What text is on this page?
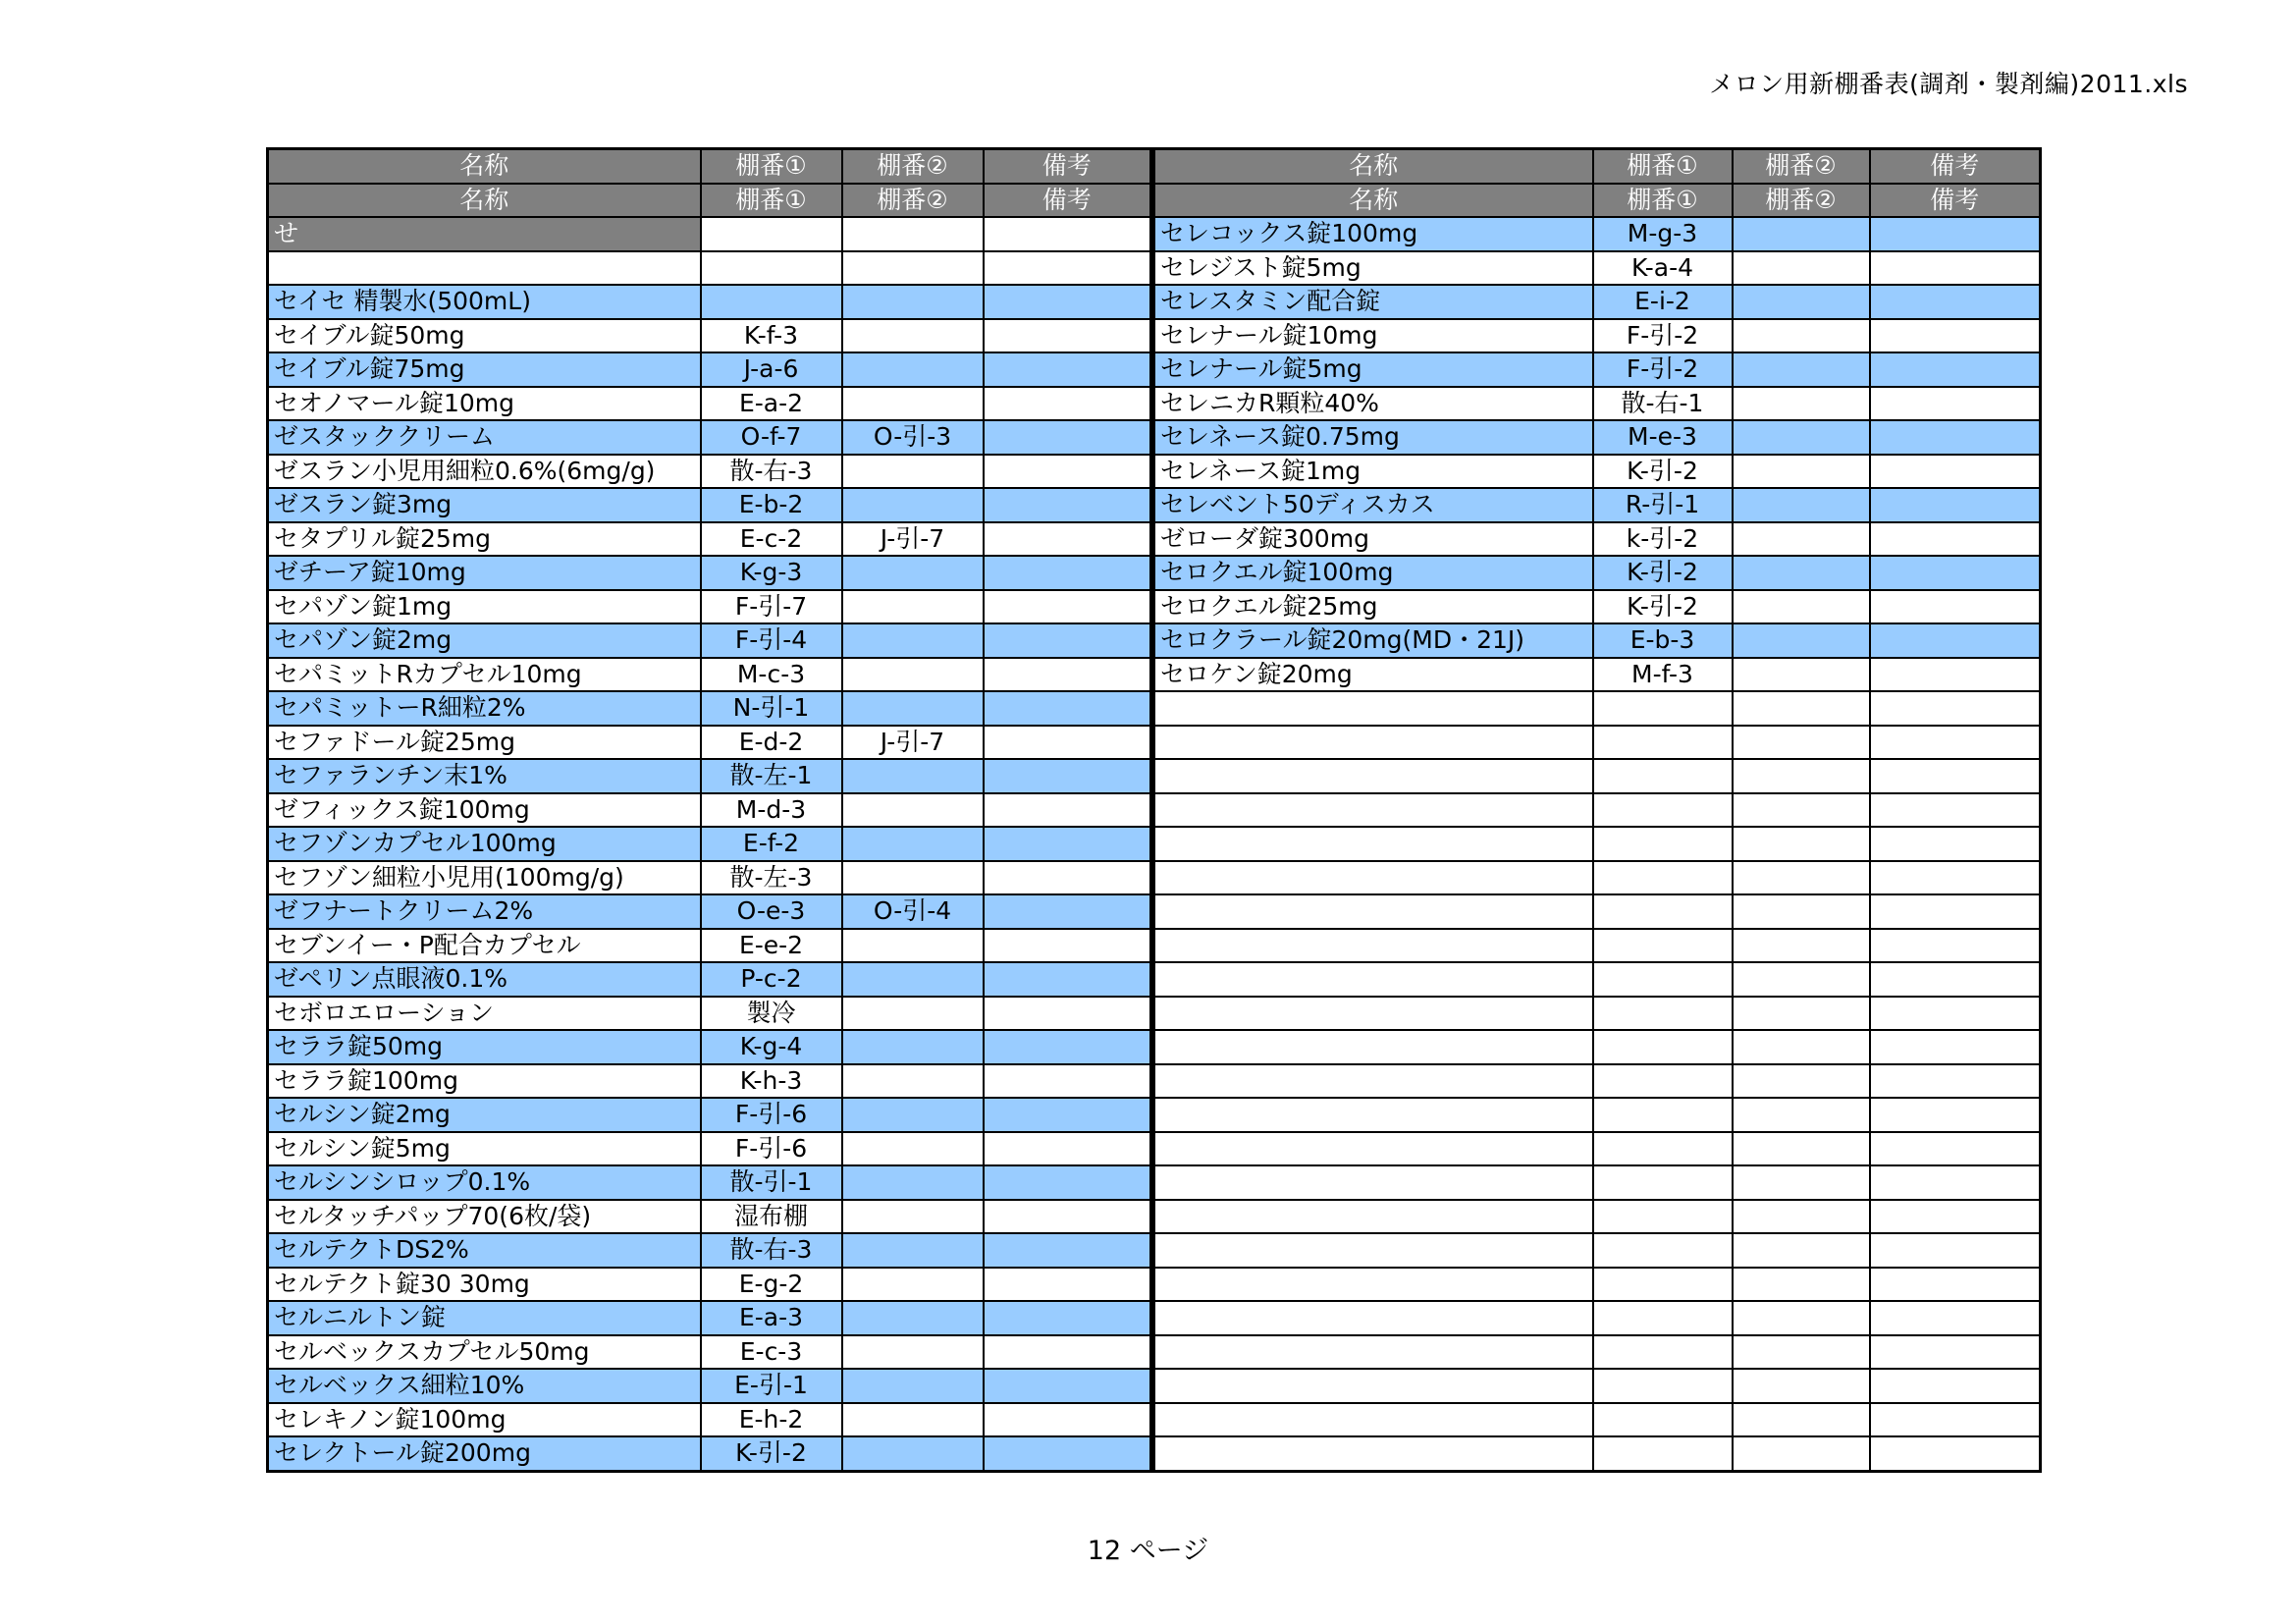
メロン用新棚番表(調剤・製剤編)2011.xls
名称	棚番①	棚番②	備考
名称	棚番①	棚番②	備考
せ			

セイセ 精製水(500mL)			
セイブル錠50mg	K-f-3		
セイブル錠75mg	J-a-6		
セオノマール錠10mg	E-a-2		
ゼスタッククリーム	O-f-7	O-引-3	
ゼスラン小児用細粒0.6%(6mg/g)	散-右-3		
ゼスラン錠3mg	E-b-2		
セタプリル錠25mg	E-c-2	J-引-7	
ゼチーア錠10mg	K-g-3		
セパゾン錠1mg	F-引-7		
セパゾン錠2mg	F-引-4		
セパミットRカプセル10mg	M-c-3		
セパミットーR細粒2%	N-引-1		
セファドール錠25mg	E-d-2	J-引-7	
セファランチン末1%	散-左-1		
ゼフィックス錠100mg	M-d-3		
セフゾンカプセル100mg	E-f-2		
セフゾン細粒小児用(100mg/g)	散-左-3		
ゼフナートクリーム2%	O-e-3	O-引-4	
セブンイー・P配合カプセル	E-e-2		
ゼペリン点眼液0.1%	P-c-2		
セボロエローション	製冷		
セララ錠50mg	K-g-4		
セララ錠100mg	K-h-3		
セルシン錠2mg	F-引-6		
セルシン錠5mg	F-引-6		
セルシンシロップ0.1%	散-引-1		
セルタッチパップ70(6枚/袋)	湿布棚		
セルテクトDS2%	散-右-3		
セルテクト錠30 30mg	E-g-2		
セルニルトン錠	E-a-3		
セルベックスカプセル50mg	E-c-3		
セルベックス細粒10%	E-引-1		
セレキノン錠100mg	E-h-2		
セレクトール錠200mg	K-引-2		
名称	棚番①	棚番②	備考
名称	棚番①	棚番②	備考
セレコックス錠100mg	M-g-3		
セレジスト錠5mg	K-a-4		
セレスタミン配合錠	E-i-2		
セレナール錠10mg	F-引-2		
セレナール錠5mg	F-引-2		
セレニカR顆粒40%	散-右-1		
セレネース錠0.75mg	M-e-3		
セレネース錠1mg	K-引-2		
セレベント50ディスカス	R-引-1		
ゼローダ錠300mg	k-引-2		
セロクエル錠100mg	K-引-2		
セロクエル錠25mg	K-引-2		
セロクラール錠20mg(MD・21J)	E-b-3		
セロケン錠20mg	M-f-3		

12 ページ
